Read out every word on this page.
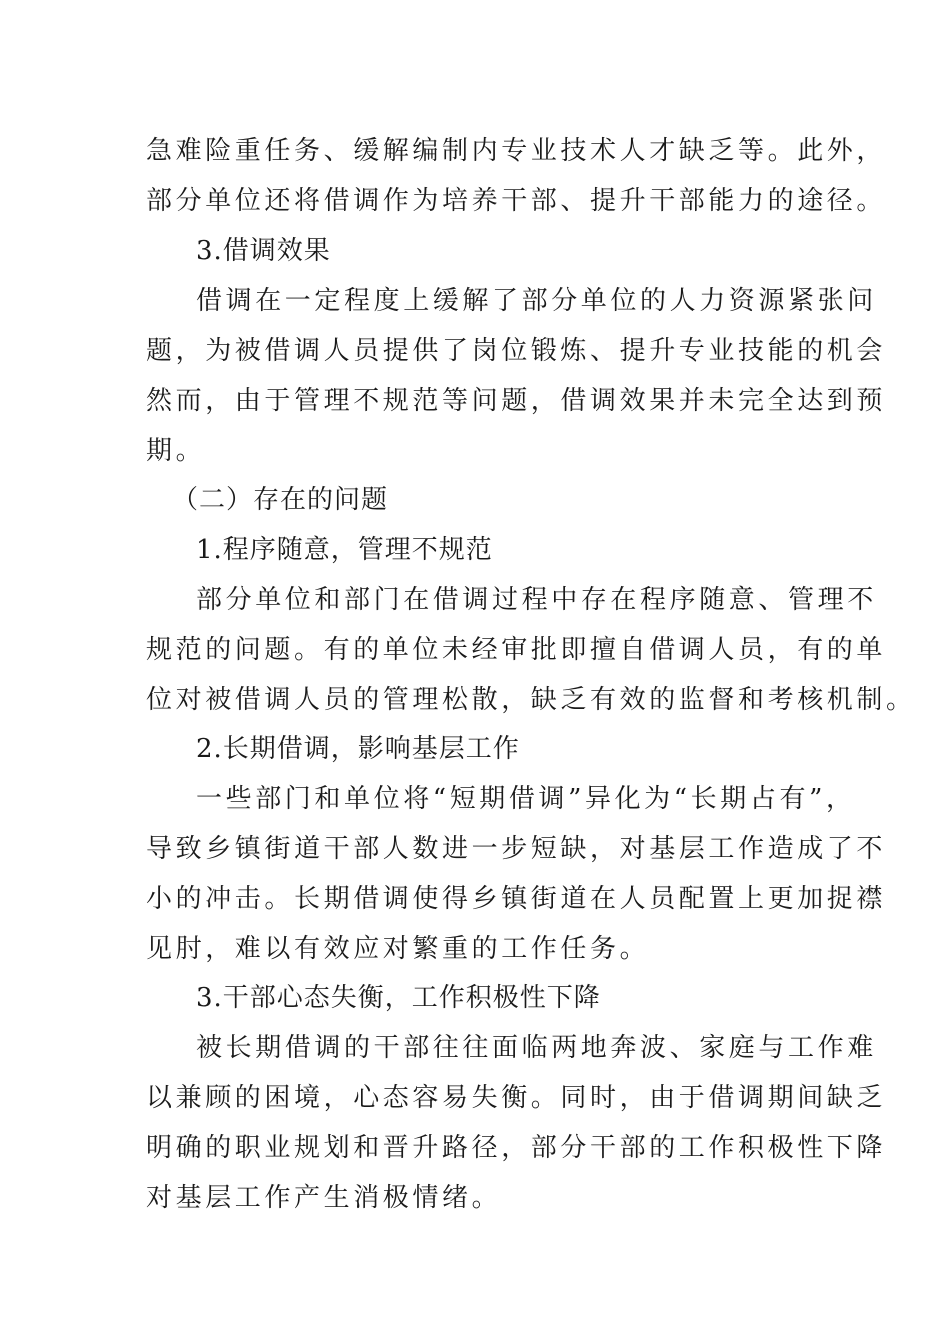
急难险重任务、缓解编制内专业技术人才缺乏等。此外，
部分单位还将借调作为培养干部、提升干部能力的途径。
3.借调效果
借调在一定程度上缓解了部分单位的人力资源紧张问
题，为被借调人员提供了岗位锻炼、提升专业技能的机会
然而，由于管理不规范等问题，借调效果并未完全达到预
期。
（二）存在的问题
1.程序随意，管理不规范
部分单位和部门在借调过程中存在程序随意、管理不
规范的问题。有的单位未经审批即擅自借调人员，有的单
位对被借调人员的管理松散，缺乏有效的监督和考核机制。
2.长期借调，影响基层工作
一些部门和单位将“短期借调”异化为“长期占有”，
导致乡镇街道干部人数进一步短缺，对基层工作造成了不
小的冲击。长期借调使得乡镇街道在人员配置上更加捉襟
见肘，难以有效应对繁重的工作任务。
3.干部心态失衡，工作积极性下降
被长期借调的干部往往面临两地奔波、家庭与工作难
以兼顾的困境，心态容易失衡。同时，由于借调期间缺乏
明确的职业规划和晋升路径，部分干部的工作积极性下降
对基层工作产生消极情绪。
